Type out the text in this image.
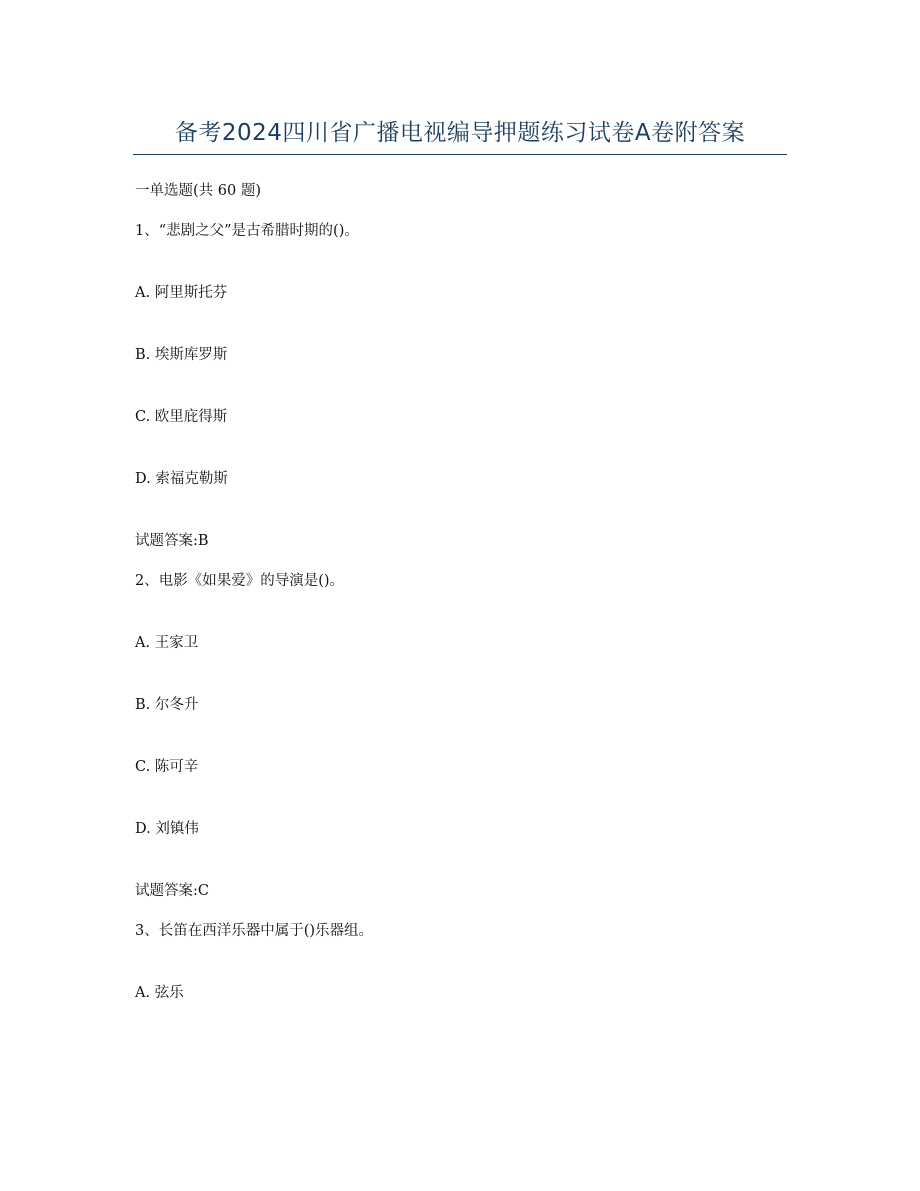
备考2024四川省广播电视编导押题练习试卷A卷附答案
一单选题(共 60 题)
1、“悲剧之父”是古希腊时期的()。
A. 阿里斯托芬
B. 埃斯库罗斯
C. 欧里庇得斯
D. 索福克勒斯
试题答案:B
2、电影《如果爱》的导演是()。
A. 王家卫
B. 尔冬升
C. 陈可辛
D. 刘镇伟
试题答案:C
3、长笛在西洋乐器中属于()乐器组。
A. 弦乐
